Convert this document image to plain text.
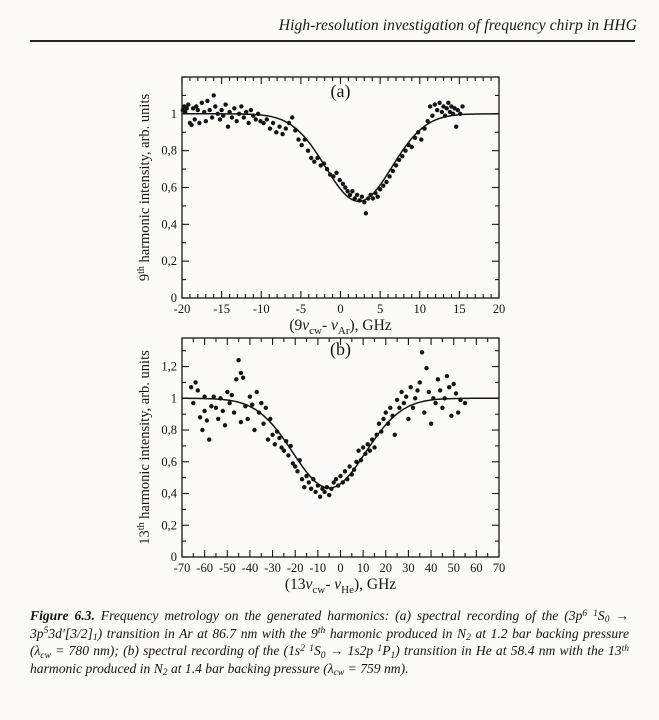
High-resolution investigation of frequency chirp in HHG
-20 -15 -10 -5	0	5 10 15 20
0
0,2
0,4
0,6
0,8
1
(a)
($9\nu_{cw}-$ $\nu_{Ar}$), GHz
9th harmonic intensity, arb. units
-70 -60 -50 -40 -30 -20 -10 0 10 20 30 40 50 60 70
0
0,2
0,4
0,6
0,8
1
1,2
(b)
($13\nu_{cw}-$ $\nu_{He}$), GHz
13th harmonic intensity, arb. units
Figure 6.3. Frequency metrology on the generated harmonics: (a) spectral recording of the ($3p^6$ $^1S0 \to 3p^53d'[3/2]1$) transition in Ar at 86.7 nm with the 9th harmonic produced in N2 at 1.2 bar backing pressure (λcw = 780 nm); (b) spectral recording of the ($1s^2$ $^1$S0 → 1s2p $^1$P1) transition in He at 58.4 nm with the 13th harmonic produced in N2 at 1.4 bar backing pressure (λcw = 759 nm).
